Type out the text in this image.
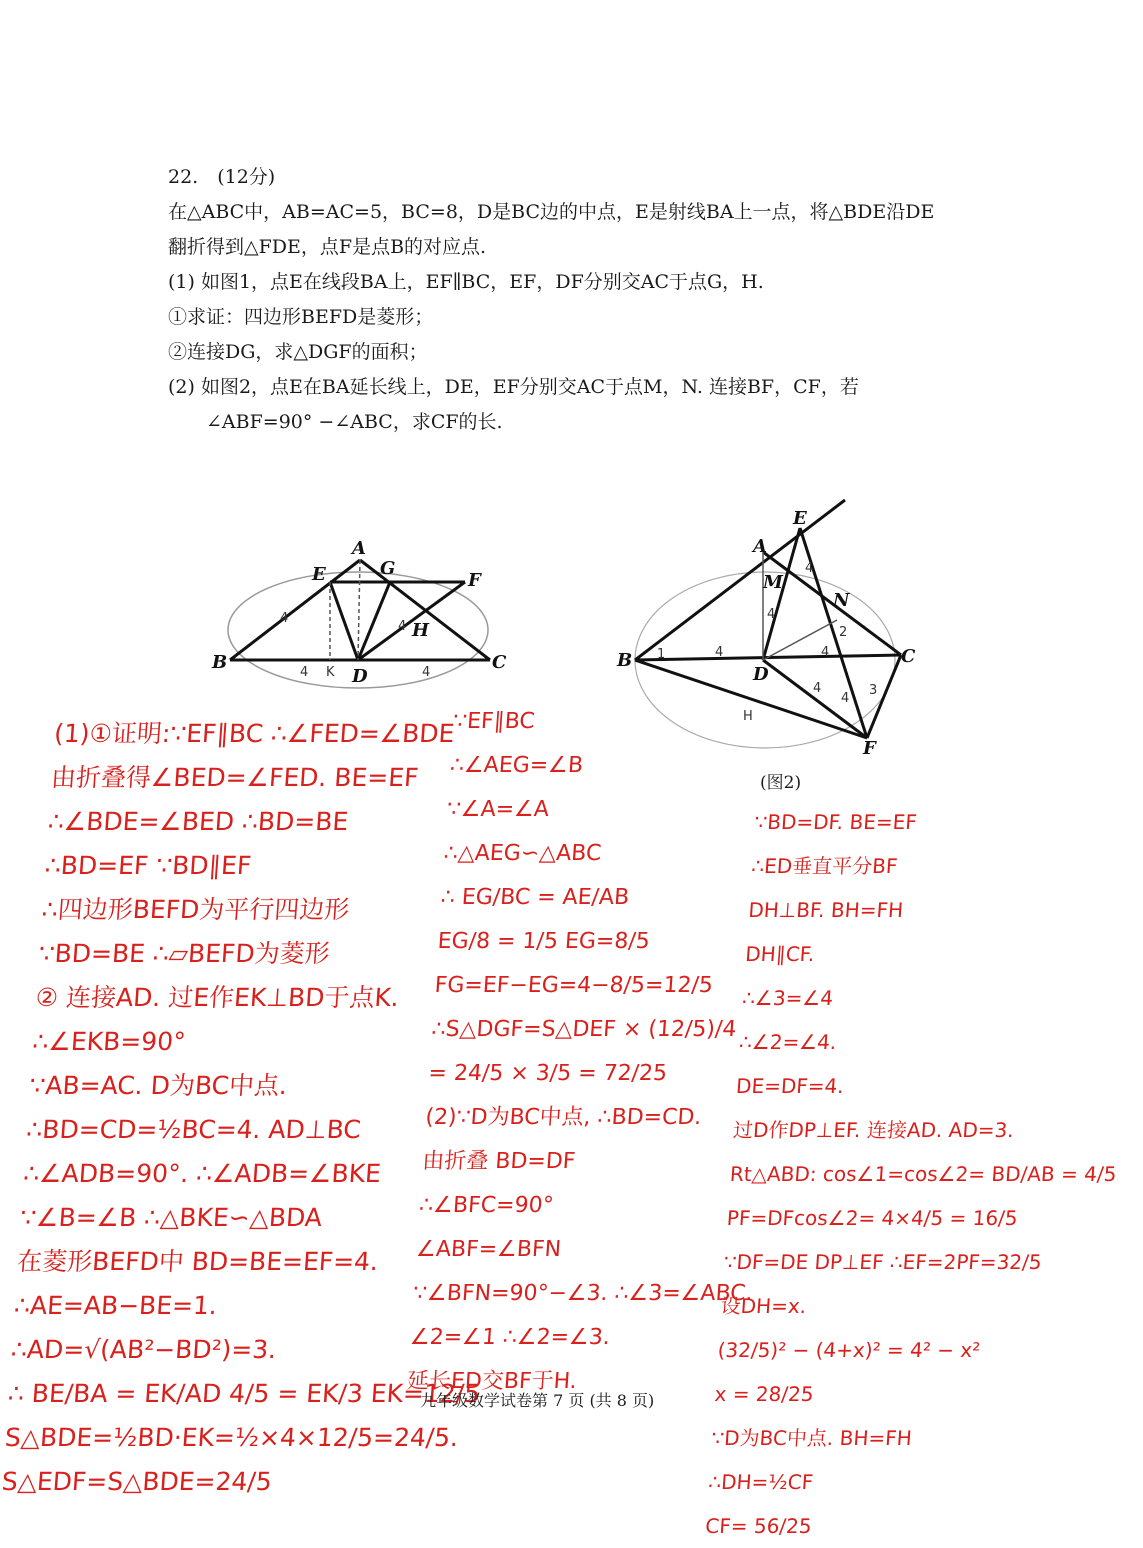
22.　(12分)
在△ABC中，AB=AC=5，BC=8，D是BC边的中点，E是射线BA上一点，将△BDE沿DE
翻折得到△FDE，点F是点B的对应点.
(1) 如图1，点E在线段BA上，EF∥BC，EF，DF分别交AC于点G，H.
①求证：四边形BEFD是菱形；
②连接DG，求△DGF的面积；
(2) 如图2，点E在BA延长线上，DE，EF分别交AC于点M，N. 连接BF，CF，若
∠ABF=90° −∠ABC，求CF的长.
A
B	C
D
E	F
G
H
K
4
4	4
4
E
A
B	C
D
F
M
N
H
4
4
4	4
4
1
2
3
4
(图2)
(1)①证明:∵EF∥BC ∴∠FED=∠BDE
由折叠得∠BED=∠FED. BE=EF
∴∠BDE=∠BED ∴BD=BE
∴BD=EF ∵BD∥EF
∴四边形BEFD为平行四边形
∵BD=BE ∴▱BEFD为菱形
② 连接AD. 过E作EK⊥BD于点K.
∴∠EKB=90°
∵AB=AC. D为BC中点.
∴BD=CD=½BC=4. AD⊥BC
∴∠ADB=90°. ∴∠ADB=∠BKE
∵∠B=∠B ∴△BKE∽△BDA
在菱形BEFD中 BD=BE=EF=4.
∴AE=AB−BE=1.
∴AD=√(AB²−BD²)=3.
∴ BE/BA = EK/AD 4/5 = EK/3 EK=12/5
S△BDE=½BD·EK=½×4×12/5=24/5.
S△EDF=S△BDE=24/5
∵EF∥BC
∴∠AEG=∠B
∵∠A=∠A
∴△AEG∽△ABC
∴ EG/BC = AE/AB
EG/8 = 1/5 EG=8/5
FG=EF−EG=4−8/5=12/5
∴S△DGF=S△DEF × (12/5)/4
= 24/5 × 3/5 = 72/25
(2)∵D为BC中点, ∴BD=CD.
由折叠 BD=DF
∴∠BFC=90°
∠ABF=∠BFN
∵∠BFN=90°−∠3. ∴∠3=∠ABC.
∠2=∠1 ∴∠2=∠3.
延长ED交BF于H.
∵BD=DF. BE=EF
∴ED垂直平分BF
DH⊥BF. BH=FH
DH∥CF.
∴∠3=∠4
∴∠2=∠4.
DE=DF=4.
过D作DP⊥EF. 连接AD. AD=3.
Rt△ABD: cos∠1=cos∠2= BD/AB = 4/5
PF=DFcos∠2= 4×4/5 = 16/5
∵DF=DE DP⊥EF ∴EF=2PF=32/5
设DH=x.
(32/5)² − (4+x)² = 4² − x²
x = 28/25
∵D为BC中点. BH=FH
∴DH=½CF
CF= 56/25
九年级数学试卷第 7 页 (共 8 页)
